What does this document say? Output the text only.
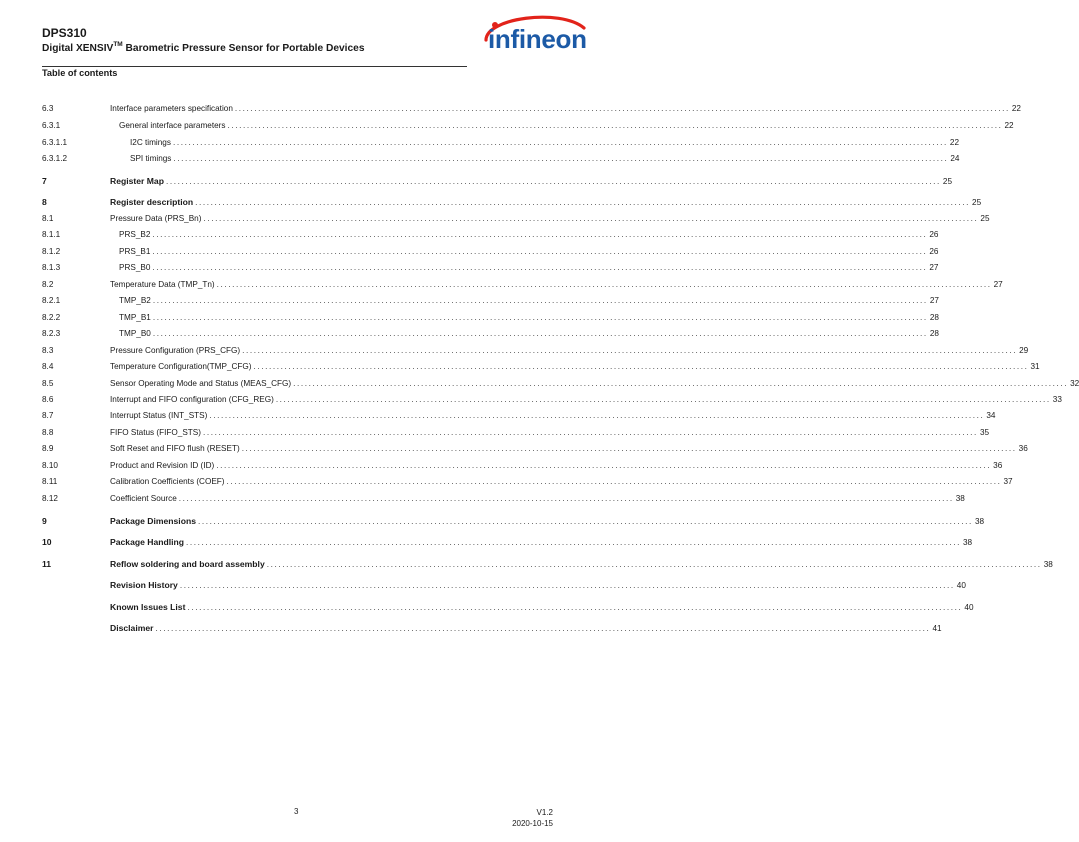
DPS310
Digital XENSIV™ Barometric Pressure Sensor for Portable Devices
Table of contents
infineon
6.3	Interface parameters specification ........................................................................................................................................................................................................ 22
6.3.1	General interface parameters ........................................................................................................................................................................................................ 22
6.3.1.1	I2C timings ........................................................................................................................................................................................................ 22
6.3.1.2	SPI timings ........................................................................................................................................................................................................ 24
7	Register Map ........................................................................................................................................................................................................ 25
8	Register description ........................................................................................................................................................................................................ 25
8.1	Pressure Data (PRS_Bn) ........................................................................................................................................................................................................ 25
8.1.1	PRS_B2 ........................................................................................................................................................................................................ 26
8.1.2	PRS_B1 ........................................................................................................................................................................................................ 26
8.1.3	PRS_B0 ........................................................................................................................................................................................................ 27
8.2	Temperature Data (TMP_Tn) ........................................................................................................................................................................................................ 27
8.2.1	TMP_B2 ........................................................................................................................................................................................................ 27
8.2.2	TMP_B1 ........................................................................................................................................................................................................ 28
8.2.3	TMP_B0 ........................................................................................................................................................................................................ 28
8.3	Pressure Configuration (PRS_CFG) ........................................................................................................................................................................................................ 29
8.4	Temperature Configuration(TMP_CFG) ........................................................................................................................................................................................................ 31
8.5	Sensor Operating Mode and Status (MEAS_CFG) ........................................................................................................................................................................................................ 32
8.6	Interrupt and FIFO configuration (CFG_REG) ........................................................................................................................................................................................................ 33
8.7	Interrupt Status (INT_STS) ........................................................................................................................................................................................................ 34
8.8	FIFO Status (FIFO_STS) ........................................................................................................................................................................................................ 35
8.9	Soft Reset and FIFO flush (RESET) ........................................................................................................................................................................................................ 36
8.10	Product and Revision ID (ID) ........................................................................................................................................................................................................ 36
8.11	Calibration Coefficients (COEF) ........................................................................................................................................................................................................ 37
8.12	Coefficient Source ........................................................................................................................................................................................................ 38
9	Package Dimensions ........................................................................................................................................................................................................ 38
10	Package Handling ........................................................................................................................................................................................................ 38
11	Reflow soldering and board assembly ........................................................................................................................................................................................................ 38
Revision History ........................................................................................................................................................................................................ 40
Known Issues List ........................................................................................................................................................................................................ 40
Disclaimer ........................................................................................................................................................................................................ 41
3	V1.2
2020-10-15
